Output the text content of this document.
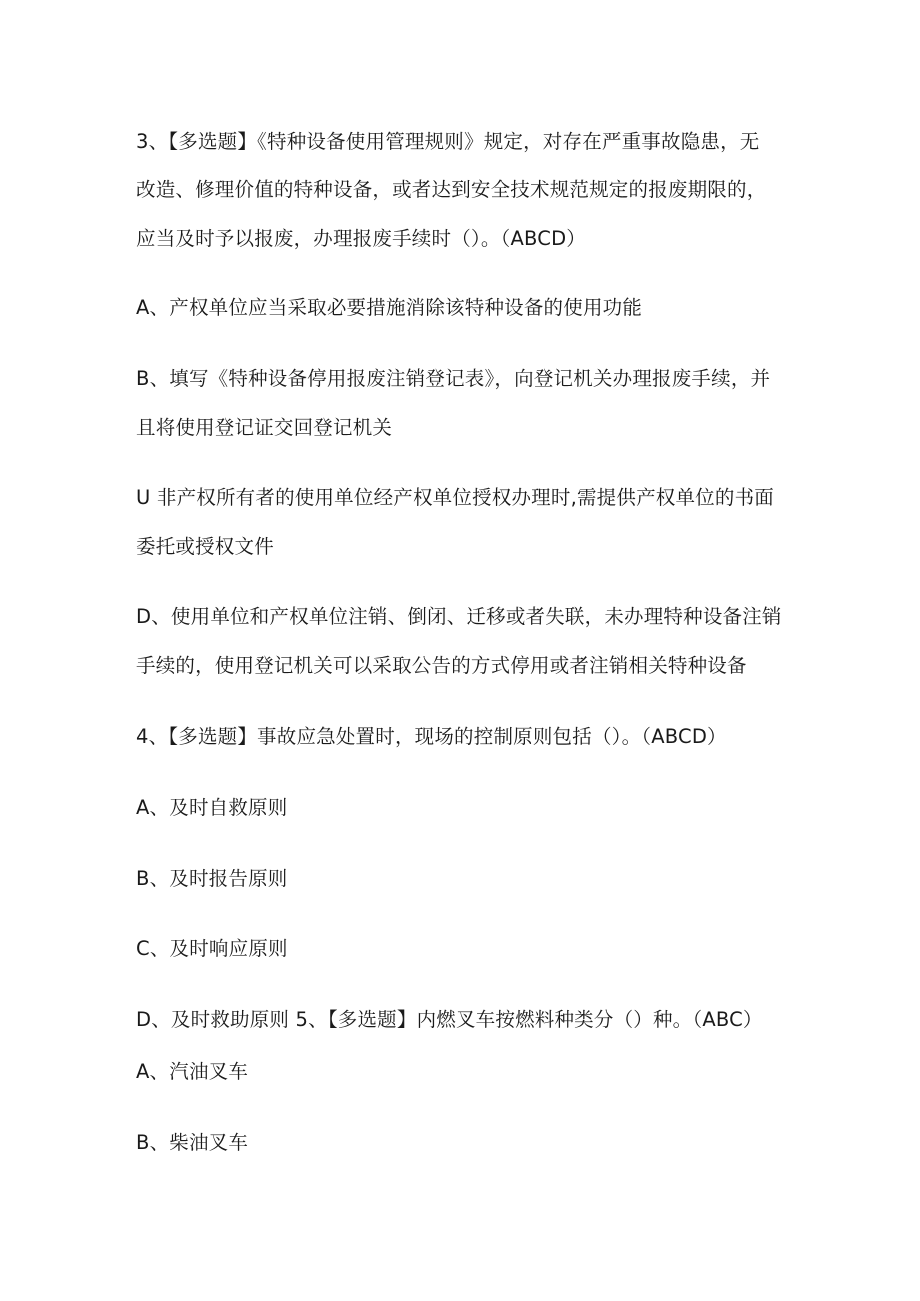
3、【多选题】《特种设备使用管理规则》规定，对存在严重事故隐患，无
改造、修理价值的特种设备，或者达到安全技术规范规定的报废期限的，
应当及时予以报废，办理报废手续时（）。（ABCD）
A、产权单位应当采取必要措施消除该特种设备的使用功能
B、填写《特种设备停用报废注销登记表》，向登记机关办理报废手续，并
且将使用登记证交回登记机关
U 非产权所有者的使用单位经产权单位授权办理时,需提供产权单位的书面
委托或授权文件
D、使用单位和产权单位注销、倒闭、迁移或者失联，未办理特种设备注销
手续的，使用登记机关可以采取公告的方式停用或者注销相关特种设备
4、【多选题】事故应急处置时，现场的控制原则包括（）。（ABCD）
A、及时自救原则
B、及时报告原则
C、及时响应原则
D、及时救助原则 5、【多选题】内燃叉车按燃料种类分（）种。（ABC）
A、汽油叉车
B、柴油叉车
